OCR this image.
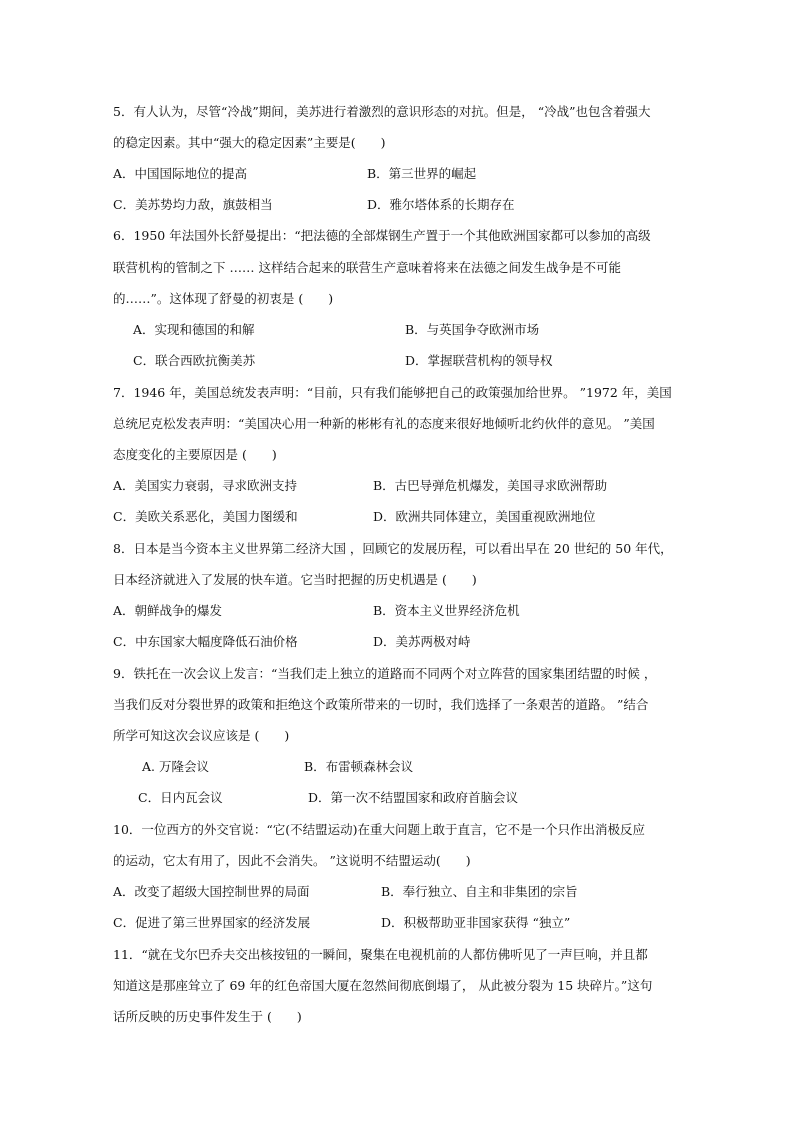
5．有人认为，尽管“冷战”期间，美苏进行着激烈的意识形态的对抗。但是， “冷战”也包含着强大
的稳定因素。其中“强大的稳定因素”主要是(　　)
A．中国国际地位的提高	B．第三世界的崛起
C．美苏势均力敌，旗鼓相当	D．雅尔塔体系的长期存在
6．1950 年法国外长舒曼提出：“把法德的全部煤钢生产置于一个其他欧洲国家都可以参加的高级
联营机构的管制之下 …… 这样结合起来的联营生产意味着将来在法德之间发生战争是不可能
的……”。这体现了舒曼的初衷是 (　　)
A．实现和德国的和解	B．与英国争夺欧洲市场
C．联合西欧抗衡美苏	D．掌握联营机构的领导权
7．1946 年，美国总统发表声明：“目前，只有我们能够把自己的政策强加给世界。 ”1972 年，美国
总统尼克松发表声明：“美国决心用一种新的彬彬有礼的态度来很好地倾听北约伙伴的意见。 ”美国
态度变化的主要原因是 (　　)
A．美国实力衰弱，寻求欧洲支持	B．古巴导弹危机爆发，美国寻求欧洲帮助
C．美欧关系恶化，美国力图缓和	D．欧洲共同体建立，美国重视欧洲地位
8．日本是当今资本主义世界第二经济大国 ，回顾它的发展历程，可以看出早在 20 世纪的 50 年代，
日本经济就进入了发展的快车道。它当时把握的历史机遇是 (　　)
A．朝鲜战争的爆发	B．资本主义世界经济危机
C．中东国家大幅度降低石油价格	D．美苏两极对峙
9．铁托在一次会议上发言：“当我们走上独立的道路而不同两个对立阵营的国家集团结盟的时候 ，
当我们反对分裂世界的政策和拒绝这个政策所带来的一切时，我们选择了一条艰苦的道路。 ”结合
所学可知这次会议应该是 (　　)
A. 万隆会议	B．布雷顿森林会议
C．日内瓦会议	D．第一次不结盟国家和政府首脑会议
10．一位西方的外交官说：“它(不结盟运动)在重大问题上敢于直言，它不是一个只作出消极反应
的运动，它太有用了，因此不会消失。 ”这说明不结盟运动(　　)
A．改变了超级大国控制世界的局面	B．奉行独立、自主和非集团的宗旨
C．促进了第三世界国家的经济发展	D．积极帮助亚非国家获得 “独立”
11．“就在戈尔巴乔夫交出核按钮的一瞬间，聚集在电视机前的人都仿佛听见了一声巨响，并且都
知道这是那座耸立了 69 年的红色帝国大厦在忽然间彻底倒塌了， 从此被分裂为 15 块碎片。”这句
话所反映的历史事件发生于 (　　)
